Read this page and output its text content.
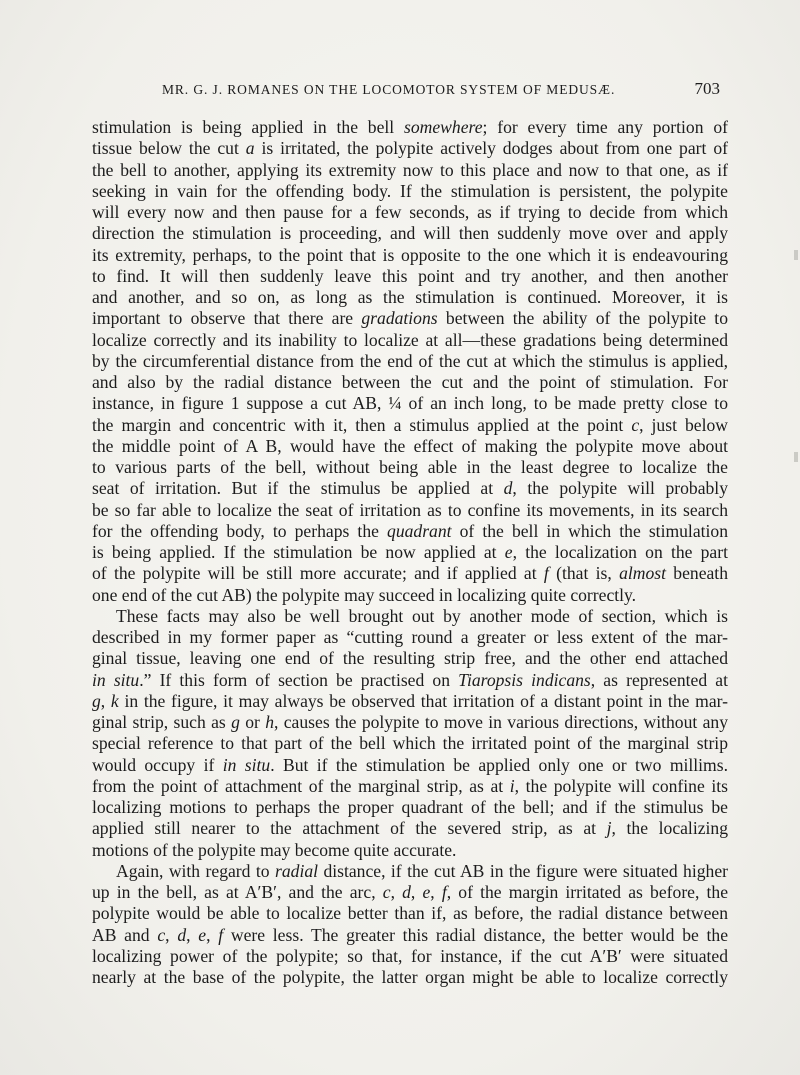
MR. G. J. ROMANES ON THE LOCOMOTOR SYSTEM OF MEDUSÆ.	703
stimulation is being applied in the bell somewhere; for every time any portion of
tissue below the cut a is irritated, the polypite actively dodges about from one part of
the bell to another, applying its extremity now to this place and now to that one, as if
seeking in vain for the offending body. If the stimulation is persistent, the polypite
will every now and then pause for a few seconds, as if trying to decide from which
direction the stimulation is proceeding, and will then suddenly move over and apply
its extremity, perhaps, to the point that is opposite to the one which it is endeavouring
to find. It will then suddenly leave this point and try another, and then another
and another, and so on, as long as the stimulation is continued. Moreover, it is
important to observe that there are gradations between the ability of the polypite to
localize correctly and its inability to localize at all—these gradations being determined
by the circumferential distance from the end of the cut at which the stimulus is applied,
and also by the radial distance between the cut and the point of stimulation. For
instance, in figure 1 suppose a cut AB, ¼ of an inch long, to be made pretty close to
the margin and concentric with it, then a stimulus applied at the point c, just below
the middle point of A B, would have the effect of making the polypite move about
to various parts of the bell, without being able in the least degree to localize the
seat of irritation. But if the stimulus be applied at d, the polypite will probably
be so far able to localize the seat of irritation as to confine its movements, in its search
for the offending body, to perhaps the quadrant of the bell in which the stimulation
is being applied. If the stimulation be now applied at e, the localization on the part
of the polypite will be still more accurate; and if applied at f (that is, almost beneath
one end of the cut AB) the polypite may succeed in localizing quite correctly.
These facts may also be well brought out by another mode of section, which is
described in my former paper as “cutting round a greater or less extent of the mar-
ginal tissue, leaving one end of the resulting strip free, and the other end attached
in situ.” If this form of section be practised on Tiaropsis indicans, as represented at
g, k in the figure, it may always be observed that irritation of a distant point in the mar-
ginal strip, such as g or h, causes the polypite to move in various directions, without any
special reference to that part of the bell which the irritated point of the marginal strip
would occupy if in situ. But if the stimulation be applied only one or two millims.
from the point of attachment of the marginal strip, as at i, the polypite will confine its
localizing motions to perhaps the proper quadrant of the bell; and if the stimulus be
applied still nearer to the attachment of the severed strip, as at j, the localizing
motions of the polypite may become quite accurate.
Again, with regard to radial distance, if the cut AB in the figure were situated higher
up in the bell, as at A′B′, and the arc, c, d, e, f, of the margin irritated as before, the
polypite would be able to localize better than if, as before, the radial distance between
AB and c, d, e, f were less. The greater this radial distance, the better would be the
localizing power of the polypite; so that, for instance, if the cut A′B′ were situated
nearly at the base of the polypite, the latter organ might be able to localize correctly
